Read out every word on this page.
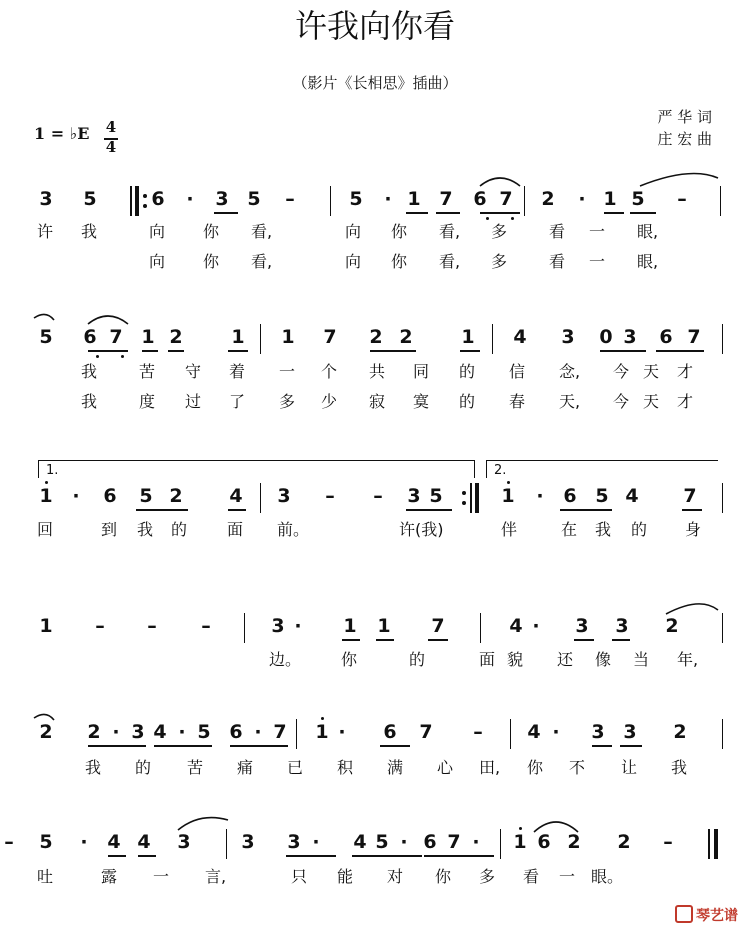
许我向你看
（影片《长相思》插曲）
严 华 词
庄 宏 曲
1 = ♭E 4
4
3 5	6 · 3 5 –	5 · 1 7 6 7 2 · 1 5 –
许 我	向 你 看,	向 你 看, 多	看 一 眼,
向 你 看,	向 你 看, 多	看 一 眼,
5 6 7 1 2	1 1 7 2 2	1 4 3 0 3 6 7
我	苦 守 着 一 个 共 同 的 信 念, 今 天 才
我	度 过 了 多 少 寂 寞 的 春 天, 今 天 才
1 · 6 5 2 4 3 – – 3 5	1 · 6 5 4 7
回	到 我 的 面 前。	许(我)	伴	在 我 的 身
1 – – –	3 · 1 1 7	4 · 3 3 2
边。 你	的	面 貌 还 像 当 年,
2 2 · 3 4 · 5 6 · 7 1 · 6 7 – 4 · 3 3 2
我 的 苦 痛 已 积 满 心 田, 你 不 让 我
5 · 4 4 3	3 3 · 4 5 · 6 7 · 1 6 2 2 –
–
吐	露 一 言,	只 能 对 你 多 看 一 眼。
1.	2.
琴艺谱
